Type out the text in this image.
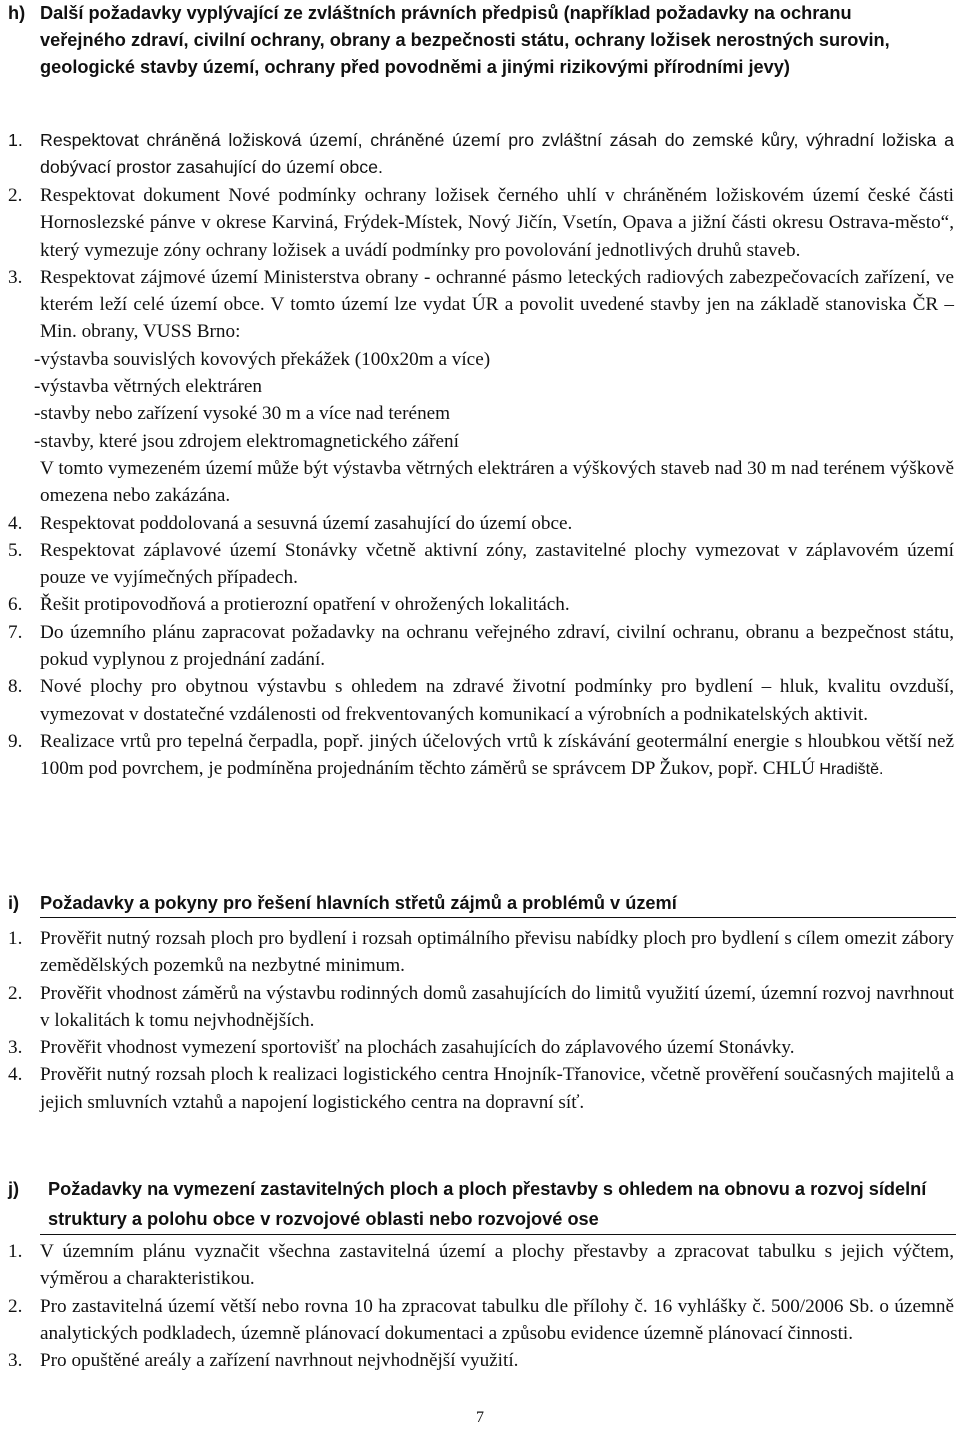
h) Další požadavky vyplývající ze zvláštních právních předpisů (například požadavky na ochranu veřejného zdraví, civilní ochrany, obrany a bezpečnosti státu, ochrany ložisek nerostných surovin, geologické stavby území, ochrany před povodněmi a jinými rizikovými přírodními jevy)
1. Respektovat chráněná ložisková území, chráněné území pro zvláštní zásah do zemské kůry, výhradní ložiska a dobývací prostor zasahující do území obce.
2. Respektovat dokument Nové podmínky ochrany ložisek černého uhlí v chráněném ložiskovém území české části Hornoslezské pánve v okrese Karviná, Frýdek-Místek, Nový Jičín, Vsetín, Opava a jižní části okresu Ostrava-město“, který vymezuje zóny ochrany ložisek a uvádí podmínky pro povolování jednotlivých druhů staveb.
3. Respektovat zájmové území Ministerstva obrany - ochranné pásmo leteckých radiových zabezpečovacích zařízení, ve kterém leží celé území obce. V tomto území lze vydat ÚR a povolit uvedené stavby jen na základě stanoviska ČR – Min. obrany, VUSS Brno:
-výstavba souvislých kovových překážek (100x20m a více)
-výstavba větrných elektráren
-stavby nebo zařízení vysoké 30 m a více nad terénem
-stavby, které jsou zdrojem elektromagnetického záření
V tomto vymezeném území může být výstavba větrných elektráren a výškových staveb nad 30 m nad terénem výškově omezena nebo zakázána.
4. Respektovat poddolovaná a sesuvná území zasahující do území obce.
5. Respektovat záplavové území Stonávky včetně aktivní zóny, zastavitelné plochy vymezovat v záplavovém území pouze ve vyjímečných případech.
6. Řešit protipovodňová a protierozní opatření v ohrožených lokalitách.
7. Do územního plánu zapracovat požadavky na ochranu veřejného zdraví, civilní ochranu, obranu a bezpečnost státu, pokud vyplynou z projednání zadání.
8. Nové plochy pro obytnou výstavbu s ohledem na zdravé životní podmínky pro bydlení – hluk, kvalitu ovzduší, vymezovat v dostatečné vzdálenosti od frekventovaných komunikací a výrobních a podnikatelských aktivit.
9. Realizace vrtů pro tepelná čerpadla, popř. jiných účelových vrtů k získávání geotermální energie s hloubkou větší než 100m pod povrchem, je podmíněna projednáním těchto záměrů se správcem DP Žukov, popř. CHLÚ Hradiště.
i) Požadavky a pokyny pro řešení hlavních střetů zájmů a problémů v území
1. Prověřit nutný rozsah ploch pro bydlení i rozsah optimálního převisu nabídky ploch pro bydlení s cílem omezit zábory zemědělských pozemků na nezbytné minimum.
2. Prověřit vhodnost záměrů na výstavbu rodinných domů zasahujících do limitů využití území, územní rozvoj navrhnout v lokalitách k tomu nejvhodnějších.
3. Prověřit vhodnost vymezení sportovišť na plochách zasahujících do záplavového území Stonávky.
4. Prověřit nutný rozsah ploch k realizaci logistického centra Hnojník-Třanovice, včetně prověření současných majitelů a jejich smluvních vztahů a napojení logistického centra na dopravní síť.
j)	Požadavky na vymezení zastavitelných ploch a ploch přestavby s ohledem na obnovu a rozvoj sídelní struktury a polohu obce v rozvojové oblasti nebo rozvojové ose
1. V územním plánu vyznačit všechna zastavitelná území a plochy přestavby a zpracovat tabulku s jejich výčtem, výměrou a charakteristikou.
2. Pro zastavitelná území větší nebo rovna 10 ha zpracovat tabulku dle přílohy č. 16 vyhlášky č. 500/2006 Sb. o územně analytických podkladech, územně plánovací dokumentaci a způsobu evidence územně plánovací činnosti.
3. Pro opuštěné areály a zařízení navrhnout nejvhodnější využití.
7
